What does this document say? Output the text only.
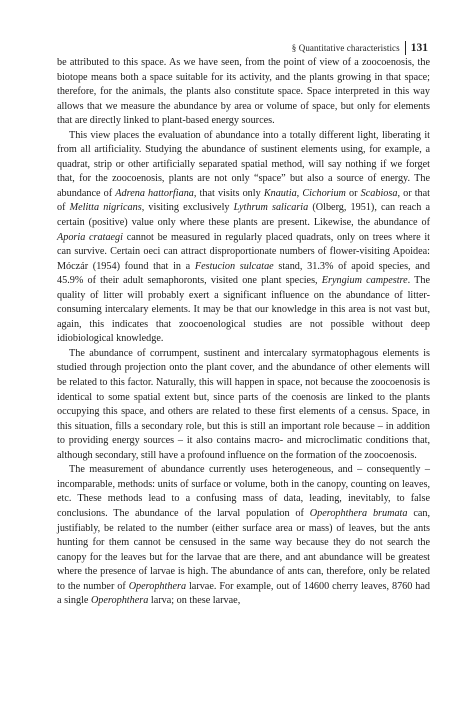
§ Quantitative characteristics 131

be attributed to this space. As we have seen, from the point of view of a zoocoenosis, the biotope means both a space suitable for its activity, and the plants growing in that space; therefore, for the animals, the plants also constitute space. Space interpreted in this way allows that we measure the abundance by area or volume of space, but only for elements that are directly linked to plant-based energy sources.

This view places the evaluation of abundance into a totally different light, liberating it from all artificiality. Studying the abundance of sustinent elements using, for example, a quadrat, strip or other artificially separated spatial method, will say nothing if we forget that, for the zoocoenosis, plants are not only “space” but also a source of energy. The abundance of Adrena hattorfiana, that visits only Knautia, Cichorium or Scabiosa, or that of Melitta nigricans, visiting exclusively Lythrum salicaria (Olberg, 1951), can reach a certain (positive) value only where these plants are present. Likewise, the abundance of Aporia crataegi cannot be measured in regularly placed quadrats, only on trees where it can survive. Certain oeci can attract disproportionate numbers of flower-visiting Apoidea: Móczár (1954) found that in a Festucion sulcatae stand, 31.3% of apoid species, and 45.9% of their adult semaphoronts, visited one plant species, Eryngium campestre. The quality of litter will probably exert a significant influence on the abundance of litter-consuming intercalary elements. It may be that our knowledge in this area is not vast but, again, this indicates that zoocoenological studies are not possible without deep idiobiological knowledge.

The abundance of corrumpent, sustinent and intercalary syrmatophagous elements is studied through projection onto the plant cover, and the abundance of other elements will be related to this factor. Naturally, this will happen in space, not because the zoocoenosis is identical to some spatial extent but, since parts of the coenosis are linked to the plants occupying this space, and others are related to these first elements of a census. Space, in this situation, fills a secondary role, but this is still an important role because – in addition to providing energy sources – it also contains macro- and microclimatic conditions that, although secondary, still have a profound influence on the formation of the zoocoenosis.

The measurement of abundance currently uses heterogeneous, and – consequently – incomparable, methods: units of surface or volume, both in the canopy, counting on leaves, etc. These methods lead to a confusing mass of data, leading, inevitably, to false conclusions. The abundance of the larval population of Operophthera brumata can, justifiably, be related to the number (either surface area or mass) of leaves, but the ants hunting for them cannot be censused in the same way because they do not search the canopy for the leaves but for the larvae that are there, and ant abundance will be greatest where the presence of larvae is high. The abundance of ants can, therefore, only be related to the number of Operophthera larvae. For example, out of 14600 cherry leaves, 8760 had a single Operophthera larva; on these larvae,
